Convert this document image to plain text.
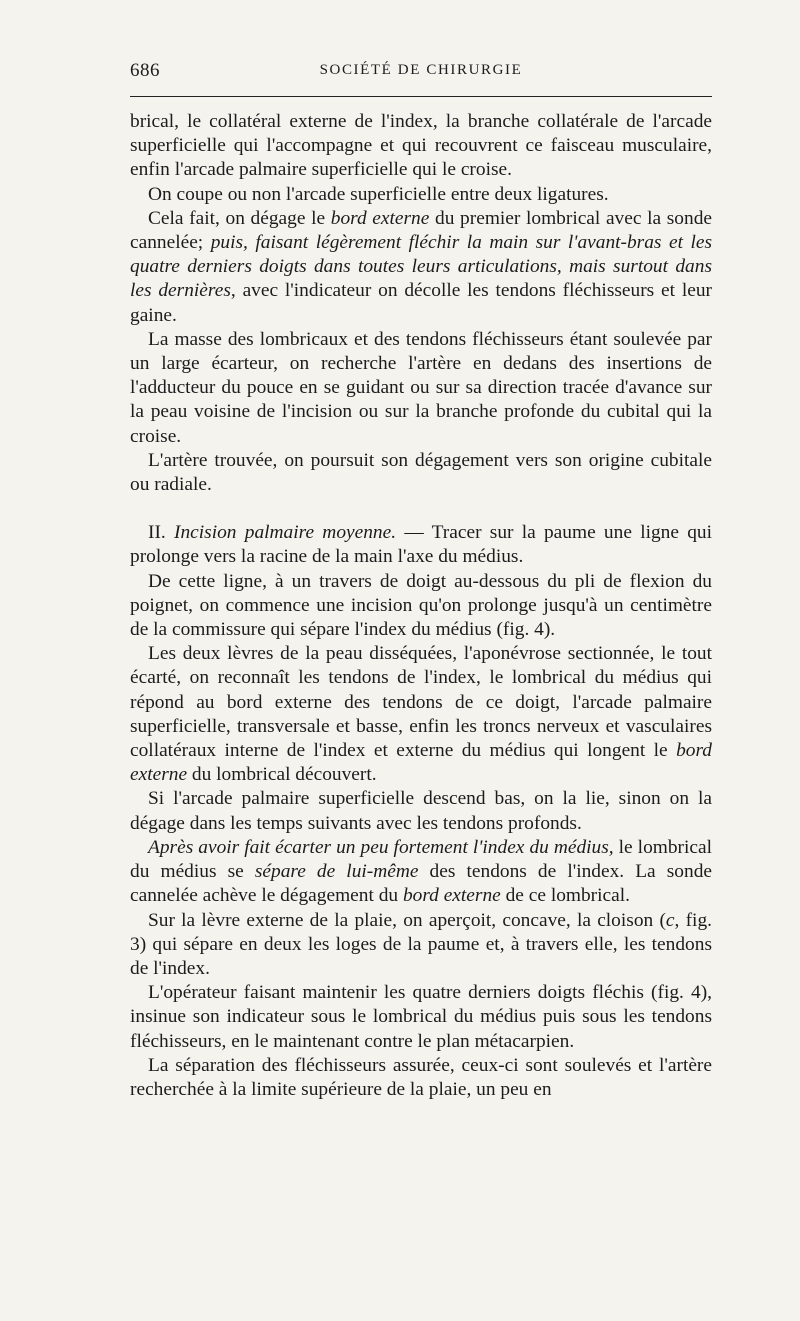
686	SOCIÉTÉ DE CHIRURGIE

brical, le collatéral externe de l'index, la branche collatérale de l'arcade superficielle qui l'accompagne et qui recouvrent ce faisceau musculaire, enfin l'arcade palmaire superficielle qui le croise.

On coupe ou non l'arcade superficielle entre deux ligatures.

Cela fait, on dégage le bord externe du premier lombrical avec la sonde cannelée; puis, faisant légèrement fléchir la main sur l'avant-bras et les quatre derniers doigts dans toutes leurs articulations, mais surtout dans les dernières, avec l'indicateur on décolle les tendons fléchisseurs et leur gaine.

La masse des lombricaux et des tendons fléchisseurs étant soulevée par un large écarteur, on recherche l'artère en dedans des insertions de l'adducteur du pouce en se guidant ou sur sa direction tracée d'avance sur la peau voisine de l'incision ou sur la branche profonde du cubital qui la croise.

L'artère trouvée, on poursuit son dégagement vers son origine cubitale ou radiale.

II. Incision palmaire moyenne. — Tracer sur la paume une ligne qui prolonge vers la racine de la main l'axe du médius.

De cette ligne, à un travers de doigt au-dessous du pli de flexion du poignet, on commence une incision qu'on prolonge jusqu'à un centimètre de la commissure qui sépare l'index du médius (fig. 4).

Les deux lèvres de la peau disséquées, l'aponévrose sectionnée, le tout écarté, on reconnaît les tendons de l'index, le lombrical du médius qui répond au bord externe des tendons de ce doigt, l'arcade palmaire superficielle, transversale et basse, enfin les troncs nerveux et vasculaires collatéraux interne de l'index et externe du médius qui longent le bord externe du lombrical découvert.

Si l'arcade palmaire superficielle descend bas, on la lie, sinon on la dégage dans les temps suivants avec les tendons profonds.

Après avoir fait écarter un peu fortement l'index du médius, le lombrical du médius se sépare de lui-même des tendons de l'index. La sonde cannelée achève le dégagement du bord externe de ce lombrical.

Sur la lèvre externe de la plaie, on aperçoit, concave, la cloison (c, fig. 3) qui sépare en deux les loges de la paume et, à travers elle, les tendons de l'index.

L'opérateur faisant maintenir les quatre derniers doigts fléchis (fig. 4), insinue son indicateur sous le lombrical du médius puis sous les tendons fléchisseurs, en le maintenant contre le plan métacarpien.

La séparation des fléchisseurs assurée, ceux-ci sont soulevés et l'artère recherchée à la limite supérieure de la plaie, un peu en
